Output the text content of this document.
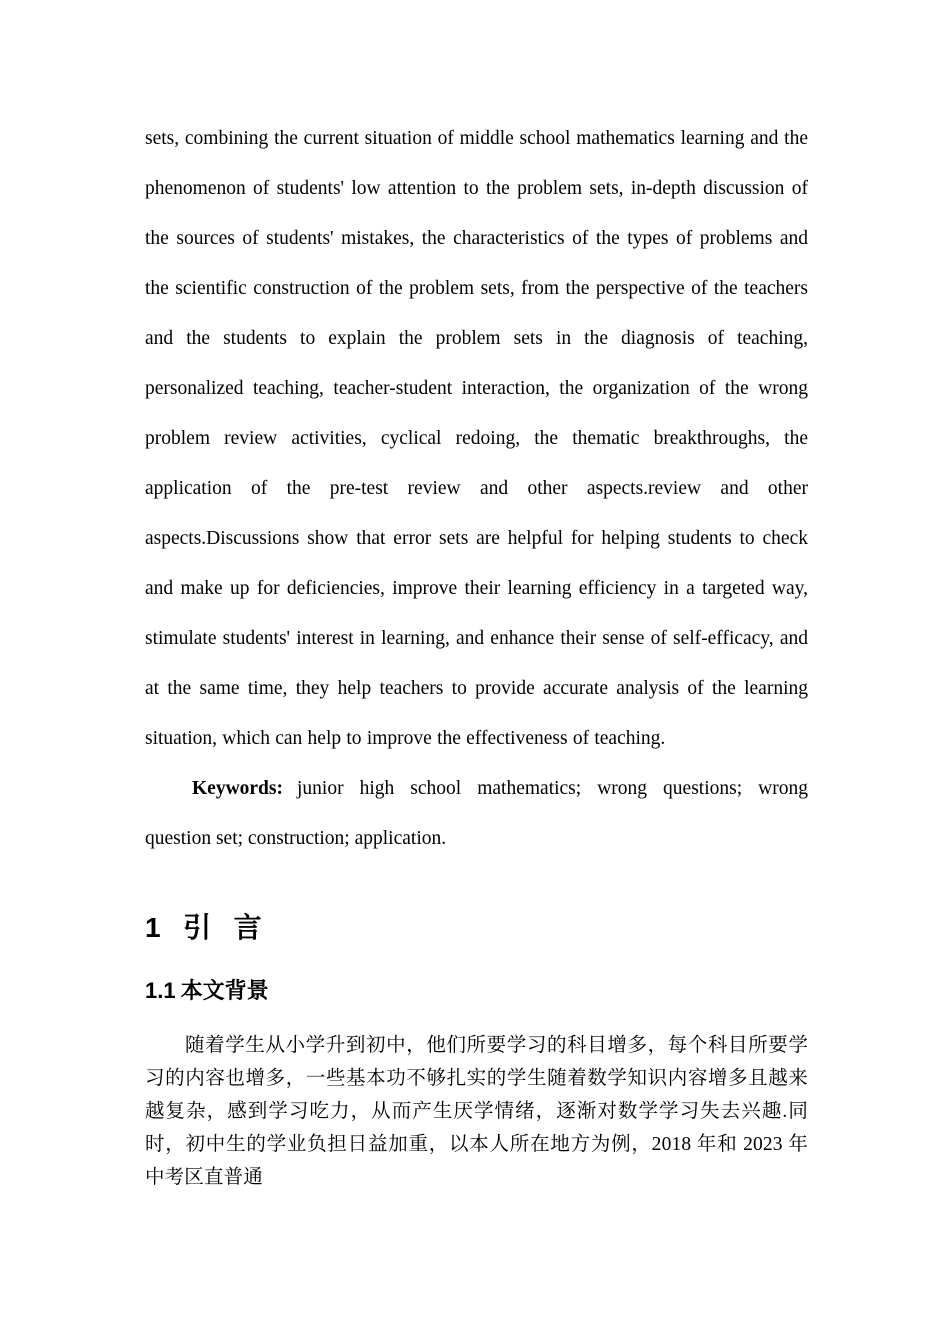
sets, combining the current situation of middle school mathematics learning and the phenomenon of students' low attention to the problem sets, in-depth discussion of the sources of students' mistakes, the characteristics of the types of problems and the scientific construction of the problem sets, from the perspective of the teachers and the students to explain the problem sets in the diagnosis of teaching, personalized teaching, teacher-student interaction, the organization of the wrong problem review activities, cyclical redoing, the thematic breakthroughs, the application of the pre-test review and other aspects.review and other aspects.Discussions show that error sets are helpful for helping students to check and make up for deficiencies, improve their learning efficiency in a targeted way, stimulate students' interest in learning, and enhance their sense of self-efficacy, and at the same time, they help teachers to provide accurate analysis of the learning situation, which can help to improve the effectiveness of teaching.

Keywords: junior high school mathematics; wrong questions; wrong question set; construction; application.

1 引 言
1.1 本文背景

随着学生从小学升到初中，他们所要学习的科目增多，每个科目所要学习的内容也增多，一些基本功不够扎实的学生随着数学知识内容增多且越来越复杂，感到学习吃力，从而产生厌学情绪，逐渐对数学学习失去兴趣.同时，初中生的学业负担日益加重，以本人所在地方为例，2018 年和 2023 年中考区直普通
